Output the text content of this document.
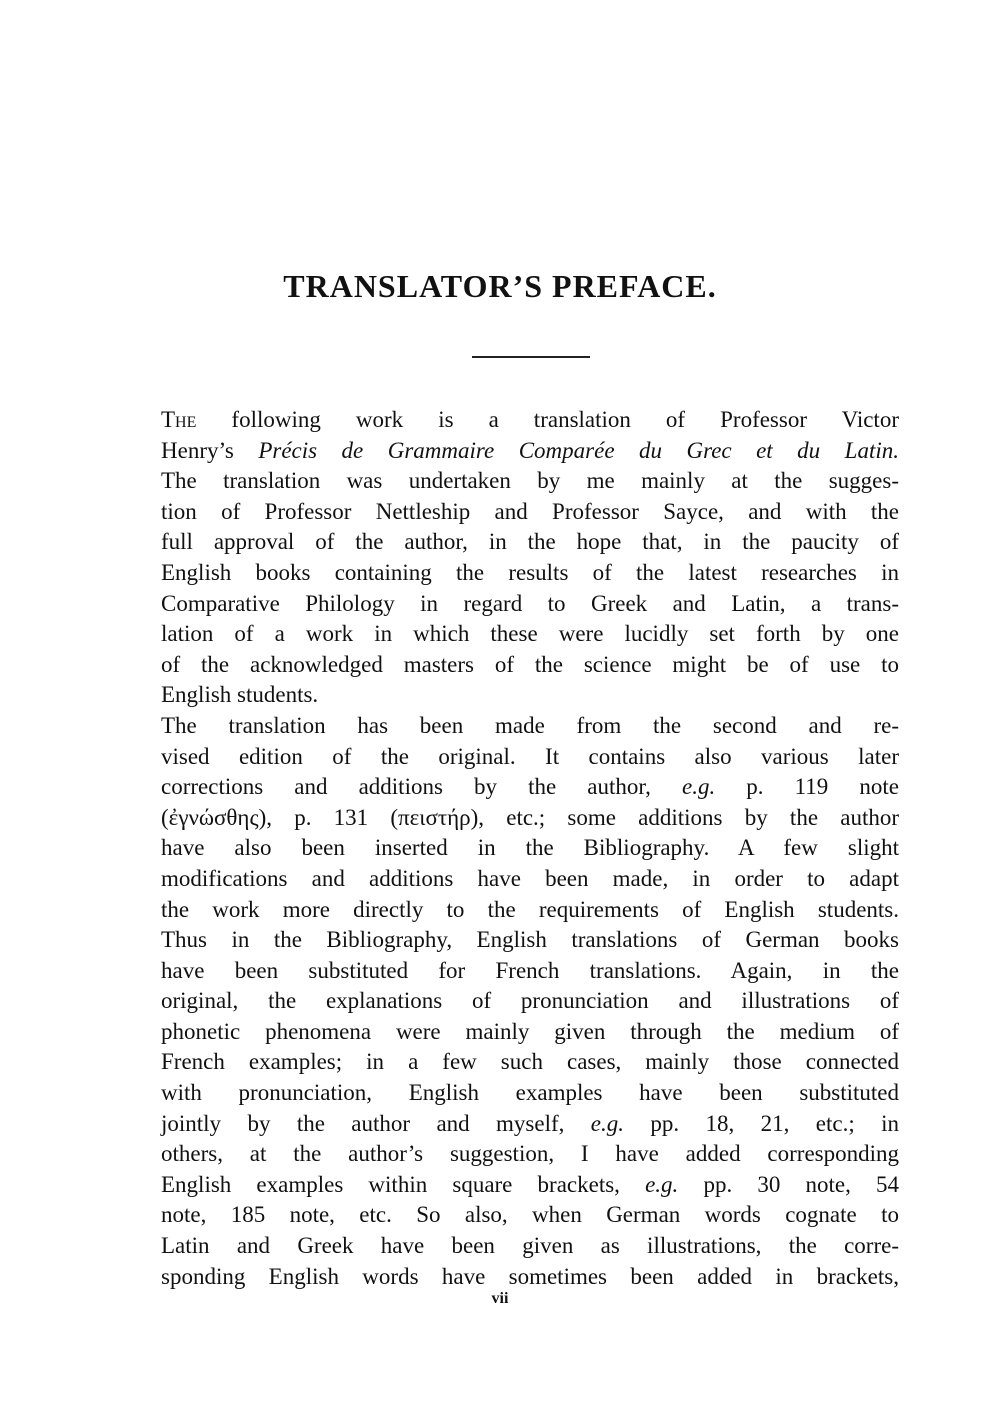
TRANSLATOR’S PREFACE.

The following work is a translation of Professor Victor
Henry’s Précis de Grammaire Comparée du Grec et du Latin.
The translation was undertaken by me mainly at the sugges-
tion of Professor Nettleship and Professor Sayce, and with the
full approval of the author, in the hope that, in the paucity of
English books containing the results of the latest researches in
Comparative Philology in regard to Greek and Latin, a trans-
lation of a work in which these were lucidly set forth by one
of the acknowledged masters of the science might be of use to
English students.

The translation has been made from the second and re-
vised edition of the original. It contains also various later
corrections and additions by the author, e.g. p. 119 note
(ἐγνώσθης), p. 131 (πειστήρ), etc.; some additions by the author
have also been inserted in the Bibliography. A few slight
modifications and additions have been made, in order to adapt
the work more directly to the requirements of English students.
Thus in the Bibliography, English translations of German books
have been substituted for French translations. Again, in the
original, the explanations of pronunciation and illustrations of
phonetic phenomena were mainly given through the medium of
French examples; in a few such cases, mainly those connected
with pronunciation, English examples have been substituted
jointly by the author and myself, e.g. pp. 18, 21, etc.; in
others, at the author’s suggestion, I have added corresponding
English examples within square brackets, e.g. pp. 30 note, 54
note, 185 note, etc. So also, when German words cognate to
Latin and Greek have been given as illustrations, the corre-
sponding English words have sometimes been added in brackets,

vii
